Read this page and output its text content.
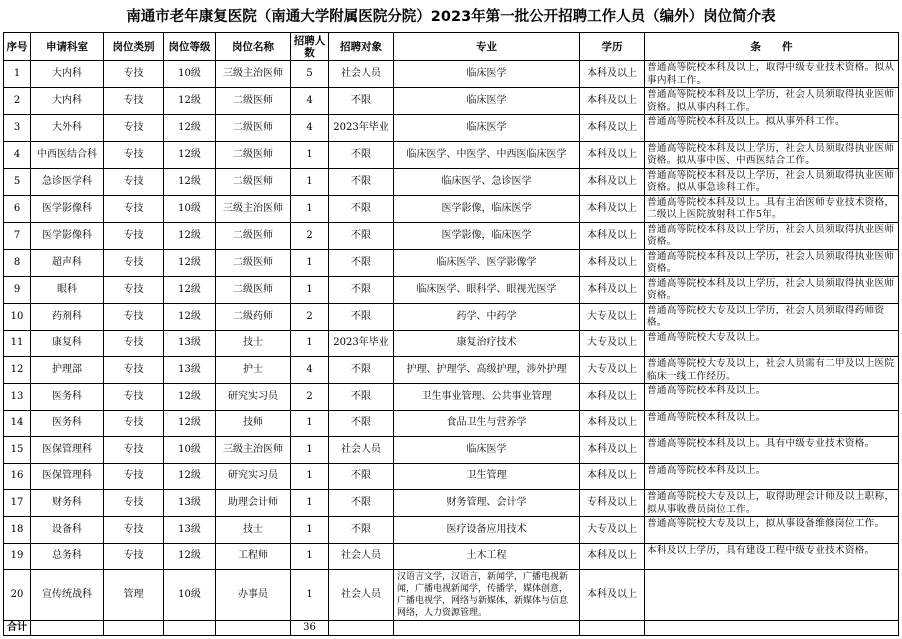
南通市老年康复医院（南通大学附属医院分院）2023年第一批公开招聘工作人员（编外）岗位简介表
序号	申请科室	岗位类别	岗位等级	岗位名称	招聘人数	招聘对象	专业	学历	条　　件
1	大内科	专技	10级	三级主治医师	5	社会人员	临床医学	本科及以上	普通高等院校本科及以上，取得中级专业技术资格。拟从事内科工作。
2	大内科	专技	12级	二级医师	4	不限	临床医学	本科及以上	普通高等院校本科及以上学历，社会人员须取得执业医师资格。拟从事内科工作。
3	大外科	专技	12级	二级医师	4	2023年毕业	临床医学	本科及以上	普通高等院校本科及以上。拟从事外科工作。
4	中西医结合科	专技	12级	二级医师	1	不限	临床医学、中医学、中西医临床医学	本科及以上	普通高等院校本科及以上学历，社会人员须取得执业医师资格。拟从事中医、中西医结合工作。
5	急诊医学科	专技	12级	二级医师	1	不限	临床医学、急诊医学	本科及以上	普通高等院校本科及以上学历，社会人员须取得执业医师资格。拟从事急诊科工作。
6	医学影像科	专技	10级	三级主治医师	1	不限	医学影像，临床医学	本科及以上	普通高等院校本科及以上。具有主治医师专业技术资格，二级以上医院放射科工作5年。
7	医学影像科	专技	12级	二级医师	2	不限	医学影像，临床医学	本科及以上	普通高等院校本科及以上学历，社会人员须取得执业医师资格。
8	超声科	专技	12级	二级医师	1	不限	临床医学、医学影像学	本科及以上	普通高等院校本科及以上学历，社会人员须取得执业医师资格。
9	眼科	专技	12级	二级医师	1	不限	临床医学、眼科学、眼视光医学	本科及以上	普通高等院校本科及以上学历，社会人员须取得执业医师资格。
10	药剂科	专技	12级	二级药师	2	不限	药学、中药学	大专及以上	普通高等院校大专及以上学历，社会人员须取得药师资格。
11	康复科	专技	13级	技士	1	2023年毕业	康复治疗技术	大专及以上	普通高等院校大专及以上。
12	护理部	专技	13级	护士	4	不限	护理、护理学、高级护理，涉外护理	大专及以上	普通高等院校大专及以上，社会人员需有二甲及以上医院临床一线工作经历。
13	医务科	专技	12级	研究实习员	2	不限	卫生事业管理、公共事业管理	本科及以上	普通高等院校本科及以上。
14	医务科	专技	12级	技师	1	不限	食品卫生与营养学	本科及以上	普通高等院校本科及以上。
15	医保管理科	专技	10级	三级主治医师	1	社会人员	临床医学	本科及以上	普通高等院校本科及以上。具有中级专业技术资格。
16	医保管理科	专技	12级	研究实习员	1	不限	卫生管理	本科及以上	普通高等院校本科及以上。
17	财务科	专技	13级	助理会计师	1	不限	财务管理、会计学	专科及以上	普通高等院校大专及以上，取得助理会计师及以上职称，拟从事收费员岗位工作。
18	设备科	专技	13级	技士	1	不限	医疗设备应用技术	大专及以上	普通高等院校大专及以上，拟从事设备维修岗位工作。
19	总务科	专技	12级	工程师	1	社会人员	土木工程	本科及以上	本科及以上学历，具有建设工程中级专业技术资格。
20	宣传统战科	管理	10级	办事员	1	社会人员	汉语言文学，汉语言，新闻学，广播电视新闻，广播电视新闻学，传播学，媒体创意，广播电视学，网络与新媒体，新媒体与信息网络，人力资源管理。	本科及以上	
合计					36				
